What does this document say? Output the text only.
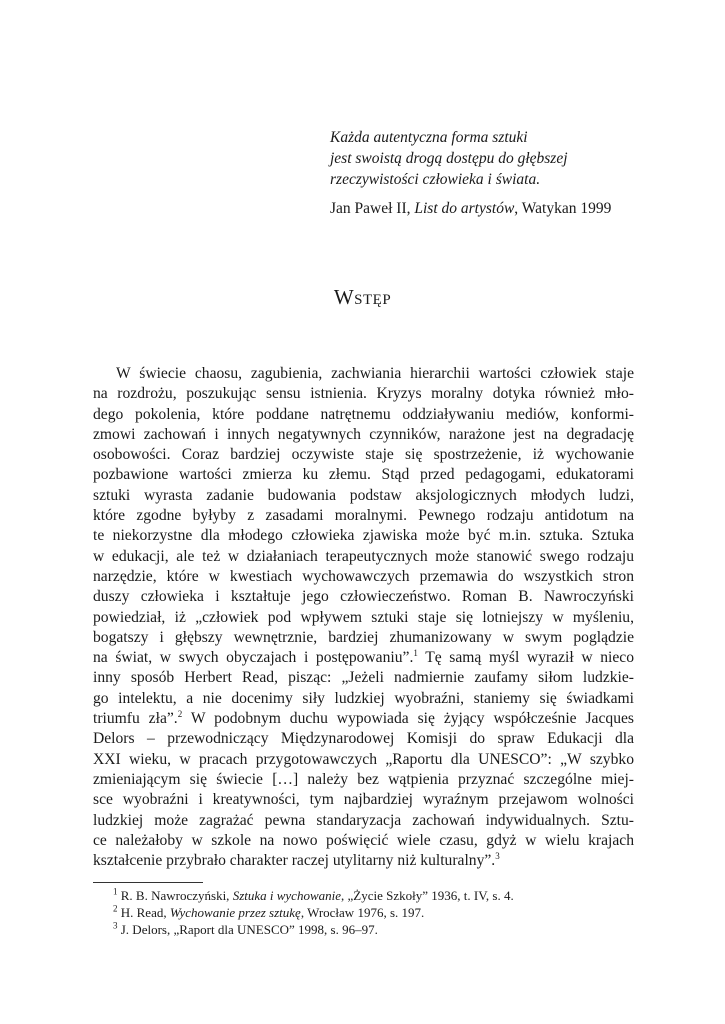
Każda autentyczna forma sztuki
jest swoistą drogą dostępu do głębszej
rzeczywistości człowieka i świata.
Jan Paweł II, List do artystów, Watykan 1999
Wstęp
W świecie chaosu, zagubienia, zachwiania hierarchii wartości człowiek staje
na rozdrożu, poszukując sensu istnienia. Kryzys moralny dotyka również mło-
dego pokolenia, które poddane natrętnemu oddziaływaniu mediów, konformi-
zmowi zachowań i innych negatywnych czynników, narażone jest na degradację
osobowości. Coraz bardziej oczywiste staje się spostrzeżenie, iż wychowanie
pozbawione wartości zmierza ku złemu. Stąd przed pedagogami, edukatorami
sztuki wyrasta zadanie budowania podstaw aksjologicznych młodych ludzi,
które zgodne byłyby z zasadami moralnymi. Pewnego rodzaju antidotum na
te niekorzystne dla młodego człowieka zjawiska może być m.in. sztuka. Sztuka
w edukacji, ale też w działaniach terapeutycznych może stanowić swego rodzaju
narzędzie, które w kwestiach wychowawczych przemawia do wszystkich stron
duszy człowieka i kształtuje jego człowieczeństwo. Roman B. Nawroczyński
powiedział, iż „człowiek pod wpływem sztuki staje się lotniejszy w myśleniu,
bogatszy i głębszy wewnętrznie, bardziej zhumanizowany w swym poglądzie
na świat, w swych obyczajach i postępowaniu”.$^1$ Tę samą myśl wyraził w nieco
inny sposób Herbert Read, pisząc: „Jeżeli nadmiernie zaufamy siłom ludzkie-
go intelektu, a nie docenimy siły ludzkiej wyobraźni, staniemy się świadkami
triumfu zła”.$^2$ W podobnym duchu wypowiada się żyjący współcześnie Jacques
Delors – przewodniczący Międzynarodowej Komisji do spraw Edukacji dla
XXI wieku, w pracach przygotowawczych „Raportu dla UNESCO”: „W szybko
zmieniającym się świecie […] należy bez wątpienia przyznać szczególne miej-
sce wyobraźni i kreatywności, tym najbardziej wyraźnym przejawom wolności
ludzkiej może zagrażać pewna standaryzacja zachowań indywidualnych. Sztu-
ce należałoby w szkole na nowo poświęcić wiele czasu, gdyż w wielu krajach
kształcenie przybrało charakter raczej utylitarny niż kulturalny”.$^3$
$^1$ R. B. Nawroczyński, Sztuka i wychowanie, „Życie Szkoły” 1936, t. IV, s. 4.
$^2$ H. Read, Wychowanie przez sztukę, Wrocław 1976, s. 197.
$^3$ J. Delors, „Raport dla UNESCO” 1998, s. 96–97.
